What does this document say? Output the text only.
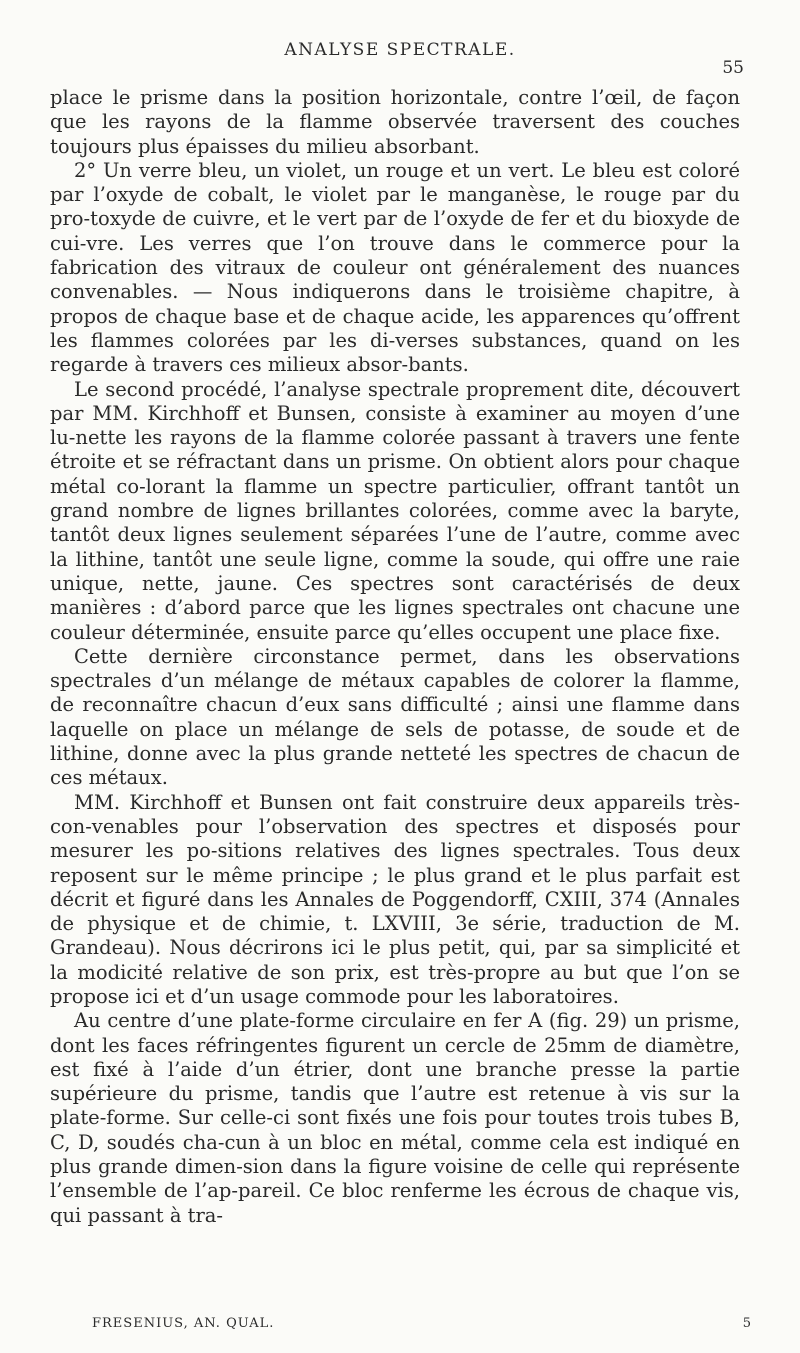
ANALYSE SPECTRALE.
55

place le prisme dans la position horizontale, contre l’œil, de façon que les rayons de la flamme observée traversent des couches toujours plus épaisses du milieu absorbant.

2° Un verre bleu, un violet, un rouge et un vert. Le bleu est coloré par l’oxyde de cobalt, le violet par le manganèse, le rouge par du pro-toxyde de cuivre, et le vert par de l’oxyde de fer et du bioxyde de cui-vre. Les verres que l’on trouve dans le commerce pour la fabrication des vitraux de couleur ont généralement des nuances convenables. — Nous indiquerons dans le troisième chapitre, à propos de chaque base et de chaque acide, les apparences qu’offrent les flammes colorées par les di-verses substances, quand on les regarde à travers ces milieux absor-bants.

Le second procédé, l’analyse spectrale proprement dite, découvert par MM. Kirchhoff et Bunsen, consiste à examiner au moyen d’une lu-nette les rayons de la flamme colorée passant à travers une fente étroite et se réfractant dans un prisme. On obtient alors pour chaque métal co-lorant la flamme un spectre particulier, offrant tantôt un grand nombre de lignes brillantes colorées, comme avec la baryte, tantôt deux lignes seulement séparées l’une de l’autre, comme avec la lithine, tantôt une seule ligne, comme la soude, qui offre une raie unique, nette, jaune. Ces spectres sont caractérisés de deux manières : d’abord parce que les lignes spectrales ont chacune une couleur déterminée, ensuite parce qu’elles occupent une place fixe.

Cette dernière circonstance permet, dans les observations spectrales d’un mélange de métaux capables de colorer la flamme, de reconnaître chacun d’eux sans difficulté ; ainsi une flamme dans laquelle on place un mélange de sels de potasse, de soude et de lithine, donne avec la plus grande netteté les spectres de chacun de ces métaux.

MM. Kirchhoff et Bunsen ont fait construire deux appareils très-con-venables pour l’observation des spectres et disposés pour mesurer les po-sitions relatives des lignes spectrales. Tous deux reposent sur le même principe ; le plus grand et le plus parfait est décrit et figuré dans les Annales de Poggendorff, CXIII, 374 (Annales de physique et de chimie, t. LXVIII, 3e série, traduction de M. Grandeau). Nous décrirons ici le plus petit, qui, par sa simplicité et la modicité relative de son prix, est très-propre au but que l’on se propose ici et d’un usage commode pour les laboratoires.

Au centre d’une plate-forme circulaire en fer A (fig. 29) un prisme, dont les faces réfringentes figurent un cercle de 25mm de diamètre, est fixé à l’aide d’un étrier, dont une branche presse la partie supérieure du prisme, tandis que l’autre est retenue à vis sur la plate-forme. Sur celle-ci sont fixés une fois pour toutes trois tubes B, C, D, soudés cha-cun à un bloc en métal, comme cela est indiqué en plus grande dimen-sion dans la figure voisine de celle qui représente l’ensemble de l’ap-pareil. Ce bloc renferme les écrous de chaque vis, qui passant à tra-

FRESENIUS, AN. QUAL.	5
